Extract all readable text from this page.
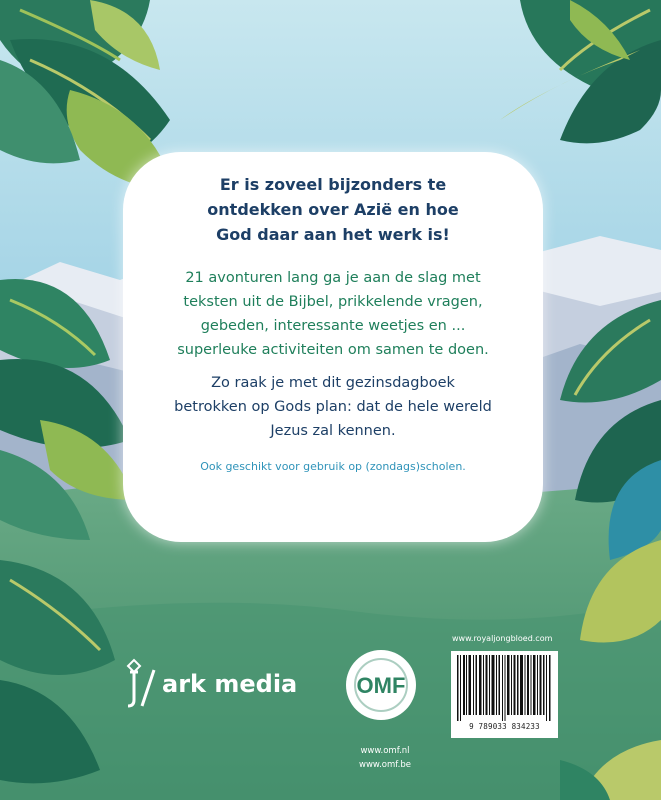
Er is zoveel bijzonders te
ontdekken over Azië en hoe
God daar aan het werk is!

21 avonturen lang ga je aan de slag met
teksten uit de Bijbel, prikkelende vragen,
gebeden, interessante weetjes en ...
superleuke activiteiten om samen te doen.

Zo raak je met dit gezinsdagboek
betrokken op Gods plan: dat de hele wereld
Jezus zal kennen.

Ook geschikt voor gebruik op (zondags)scholen.

ark media	OMF
www.omf.nl
www.omf.be
www.royaljongbloed.com
9 789033 834233
